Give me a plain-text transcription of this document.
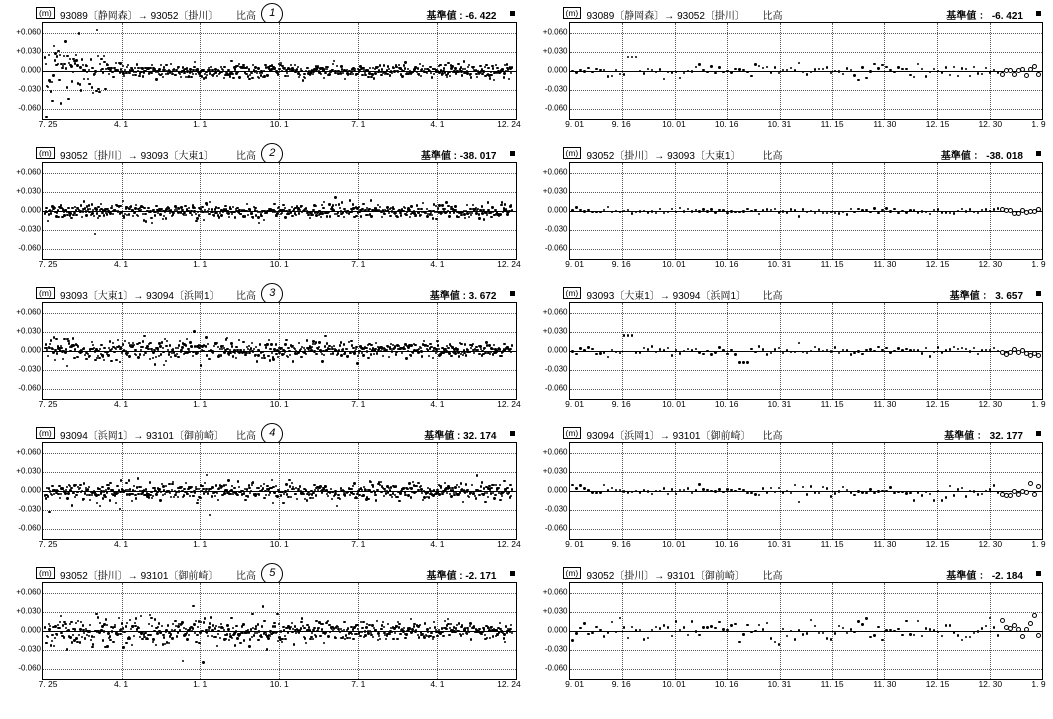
(m) 93089〔静岡森〕→ 93052〔掛川〕 比高	基準値 : -6. 422
1
+0.060
+0.030
0.000
-0.030
-0.060
7. 25	4. 1	1. 1	10. 1	7. 1	4. 1	12. 24
(m) 93089〔静岡森〕→ 93052〔掛川〕 比高	基準値 ： -6. 421
+0.060
+0.030
0.000
-0.030
-0.060
9. 01	9. 16	10. 01	10. 16	10. 31	11. 15	11. 30	12. 15	12. 30	1. 9
(m) 93052〔掛川〕→ 93093〔大東1〕 比高	基準値 : -38. 017
2
+0.060
+0.030
0.000
-0.030
-0.060
7. 25	4. 1	1. 1	10. 1	7. 1	4. 1	12. 24
(m) 93052〔掛川〕→ 93093〔大東1〕 比高	基準値 ： -38. 018
+0.060
+0.030
0.000
-0.030
-0.060
9. 01	9. 16	10. 01	10. 16	10. 31	11. 15	11. 30	12. 15	12. 30	1. 9
(m) 93093〔大東1〕→ 93094〔浜岡1〕 比高	基準値 : 3. 672
3
+0.060
+0.030
0.000
-0.030
-0.060
7. 25	4. 1	1. 1	10. 1	7. 1	4. 1	12. 24
(m) 93093〔大東1〕→ 93094〔浜岡1〕 比高	基準値 ： 3. 657
+0.060
+0.030
0.000
-0.030
-0.060
9. 01	9. 16	10. 01	10. 16	10. 31	11. 15	11. 30	12. 15	12. 30	1. 9
(m) 93094〔浜岡1〕→ 93101〔御前崎〕 比高	基準値 : 32. 174
4
+0.060
+0.030
0.000
-0.030
-0.060
7. 25	4. 1	1. 1	10. 1	7. 1	4. 1	12. 24
(m) 93094〔浜岡1〕→ 93101〔御前崎〕 比高	基準値 ： 32. 177
+0.060
+0.030
0.000
-0.030
-0.060
9. 01	9. 16	10. 01	10. 16	10. 31	11. 15	11. 30	12. 15	12. 30	1. 9
(m) 93052〔掛川〕→ 93101〔御前崎〕 比高	基準値 : -2. 171
5
+0.060
+0.030
0.000
-0.030
-0.060
7. 25	4. 1	1. 1	10. 1	7. 1	4. 1	12. 24
(m) 93052〔掛川〕→ 93101〔御前崎〕 比高	基準値 ： -2. 184
+0.060
+0.030
0.000
-0.030
-0.060
9. 01	9. 16	10. 01	10. 16	10. 31	11. 15	11. 30	12. 15	12. 30	1. 9
